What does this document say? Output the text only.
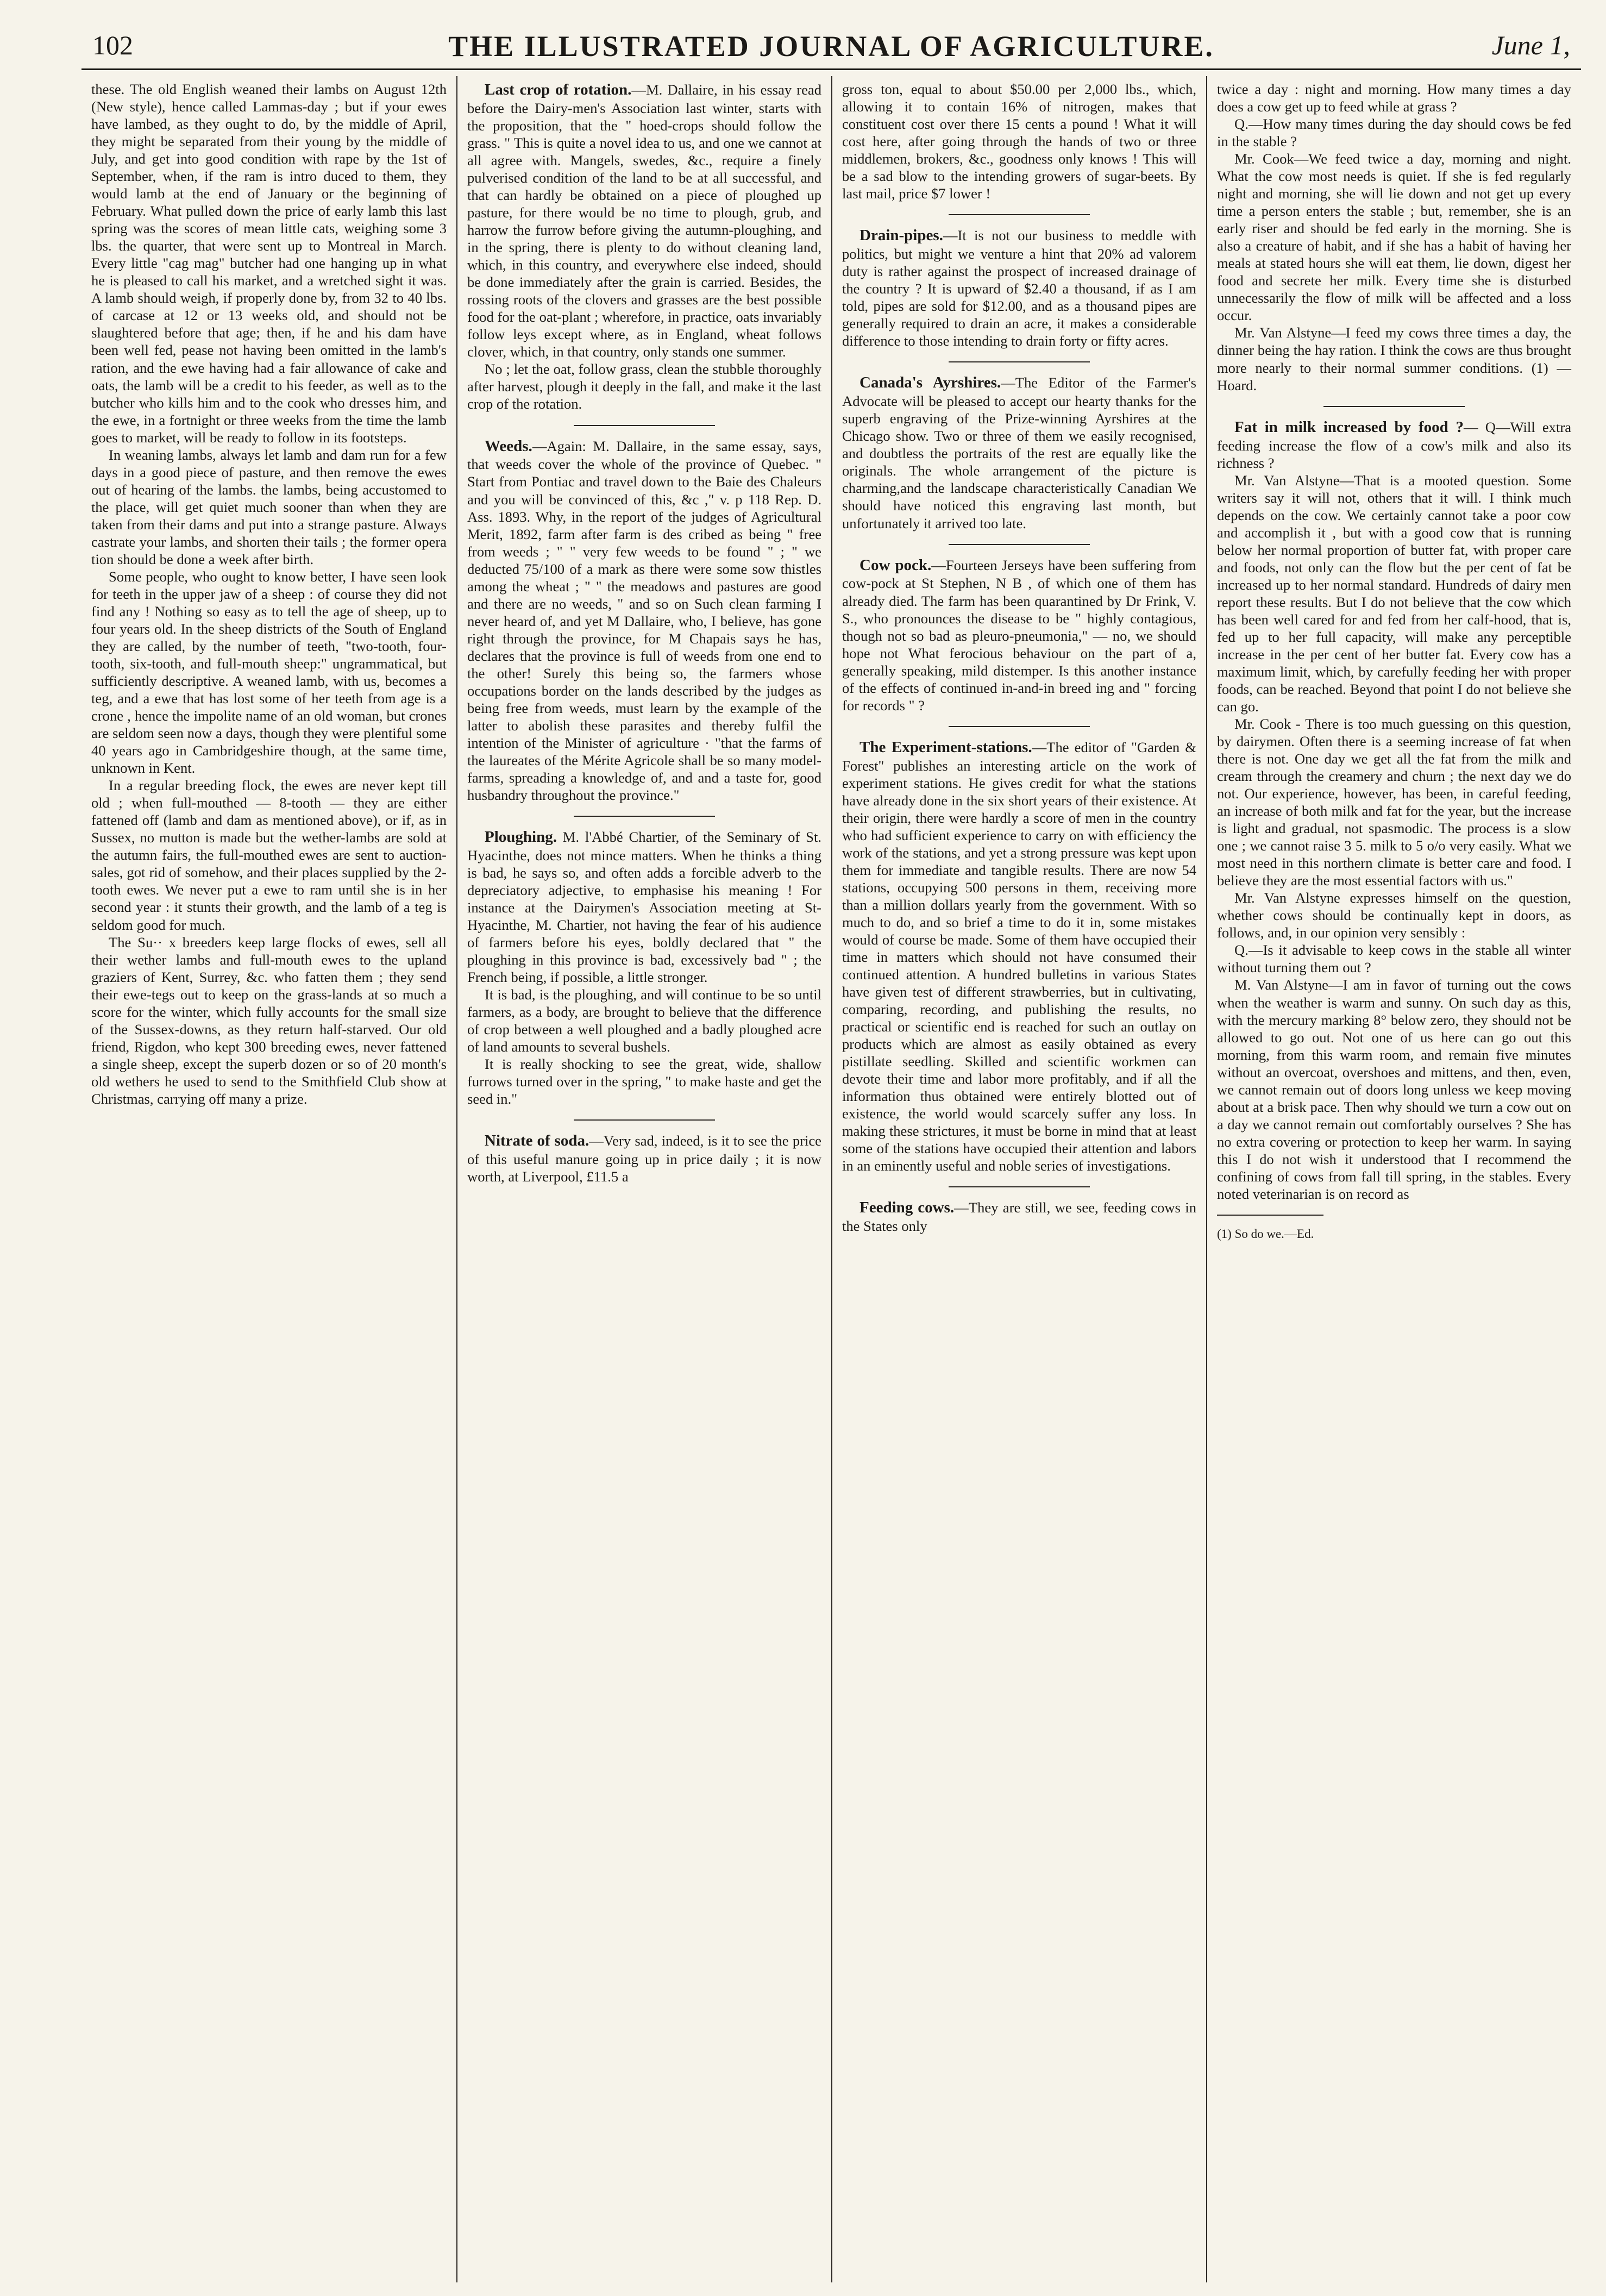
102	THE ILLUSTRATED JOURNAL OF AGRICULTURE.	June 1,

these. The old English weaned their lambs on August 12th (New style), hence called Lammas-day ; but if your ewes have lambed, as they ought to do, by the middle of April, they might be separated from their young by the middle of July, and get into good condition with rape by the 1st of September, when, if the ram is intro duced to them, they would lamb at the end of January or the beginning of February. What pulled down the price of early lamb this last spring was the scores of mean little cats, weighing some 3 lbs. the quarter, that were sent up to Montreal in March. Every little "cag mag" butcher had one hanging up in what he is pleased to call his market, and a wretched sight it was. A lamb should weigh, if properly done by, from 32 to 40 lbs. of carcase at 12 or 13 weeks old, and should not be slaughtered before that age; then, if he and his dam have been well fed, pease not having been omitted in the lamb's ration, and the ewe having had a fair allowance of cake and oats, the lamb will be a credit to his feeder, as well as to the butcher who kills him and to the cook who dresses him, and the ewe, in a fortnight or three weeks from the time the lamb goes to market, will be ready to follow in its footsteps.

In weaning lambs, always let lamb and dam run for a few days in a good piece of pasture, and then remove the ewes out of hearing of the lambs. the lambs, being accustomed to the place, will get quiet much sooner than when they are taken from their dams and put into a strange pasture. Always castrate your lambs, and shorten their tails ; the former opera tion should be done a week after birth.

Some people, who ought to know better, I have seen look for teeth in the upper jaw of a sheep : of course they did not find any ! Nothing so easy as to tell the age of sheep, up to four years old. In the sheep districts of the South of England they are called, by the number of teeth, "two-tooth, four-tooth, six-tooth, and full-mouth sheep:" ungrammatical, but sufficiently descriptive. A weaned lamb, with us, becomes a teg, and a ewe that has lost some of her teeth from age is a crone , hence the impolite name of an old woman, but crones are seldom seen now a days, though they were plentiful some 40 years ago in Cambridgeshire though, at the same time, unknown in Kent.

In a regular breeding flock, the ewes are never kept till old ; when full-mouthed — 8-tooth — they are either fattened off (lamb and dam as mentioned above), or if, as in Sussex, no mutton is made but the wether-lambs are sold at the autumn fairs, the full-mouthed ewes are sent to auction-sales, got rid of somehow, and their places supplied by the 2-tooth ewes. We never put a ewe to ram until she is in her second year : it stunts their growth, and the lamb of a teg is seldom good for much.

The Su·· x breeders keep large flocks of ewes, sell all their wether lambs and full-mouth ewes to the upland graziers of Kent, Surrey, &c. who fatten them ; they send their ewe-tegs out to keep on the grass-lands at so much a score for the winter, which fully accounts for the small size of the Sussex-downs, as they return half-starved. Our old friend, Rigdon, who kept 300 breeding ewes, never fattened a single sheep, except the superb dozen or so of 20 month's old wethers he used to send to the Smithfield Club show at Christmas, carrying off many a prize.

Last crop of rotation.—M. Dallaire, in his essay read before the Dairy-men's Association last winter, starts with the proposition, that the " hoed-crops should follow the grass. " This is quite a novel idea to us, and one we cannot at all agree with. Mangels, swedes, &c., require a finely pulverised condition of the land to be at all successful, and that can hardly be obtained on a piece of ploughed up pasture, for there would be no time to plough, grub, and harrow the furrow before giving the autumn-ploughing, and in the spring, there is plenty to do without cleaning land, which, in this country, and everywhere else indeed, should be done immediately after the grain is carried. Besides, the rossing roots of the clovers and grasses are the best possible food for the oat-plant ; wherefore, in practice, oats invariably follow leys except where, as in England, wheat follows clover, which, in that country, only stands one summer.

No ; let the oat, follow grass, clean the stubble thoroughly after harvest, plough it deeply in the fall, and make it the last crop of the rotation.

Weeds.—Again: M. Dallaire, in the same essay, says, that weeds cover the whole of the province of Quebec. " Start from Pontiac and travel down to the Baie des Chaleurs and you will be convinced of this, &c ," v. p 118 Rep. D. Ass. 1893. Why, in the report of the judges of Agricultural Merit, 1892, farm after farm is des cribed as being " free from weeds ; " " very few weeds to be found " ; " we deducted 75/100 of a mark as there were some sow thistles among the wheat ; " " the meadows and pastures are good and there are no weeds, " and so on Such clean farming I never heard of, and yet M Dallaire, who, I believe, has gone right through the province, for M Chapais says he has, declares that the province is full of weeds from one end to the other! Surely this being so, the farmers whose occupations border on the lands described by the judges as being free from weeds, must learn by the example of the latter to abolish these parasites and thereby fulfil the intention of the Minister of agriculture · "that the farms of the laureates of the Mérite Agricole shall be so many model-farms, spreading a knowledge of, and and a taste for, good husbandry throughout the province."

Ploughing. M. l'Abbé Chartier, of the Seminary of St. Hyacinthe, does not mince matters. When he thinks a thing is bad, he says so, and often adds a forcible adverb to the depreciatory adjective, to emphasise his meaning ! For instance at the Dairymen's Association meeting at St-Hyacinthe, M. Chartier, not having the fear of his audience of farmers before his eyes, boldly declared that " the ploughing in this province is bad, excessively bad " ; the French being, if possible, a little stronger.

It is bad, is the ploughing, and will continue to be so until farmers, as a body, are brought to believe that the difference of crop between a well ploughed and a badly ploughed acre of land amounts to several bushels.

It is really shocking to see the great, wide, shallow furrows turned over in the spring, " to make haste and get the seed in."

Nitrate of soda.—Very sad, indeed, is it to see the price of this useful manure going up in price daily ; it is now worth, at Liverpool, £11.5 a

gross ton, equal to about $50.00 per 2,000 lbs., which, allowing it to contain 16% of nitrogen, makes that constituent cost over there 15 cents a pound ! What it will cost here, after going through the hands of two or three middlemen, brokers, &c., goodness only knows ! This will be a sad blow to the intending growers of sugar-beets. By last mail, price $7 lower !

Drain-pipes.—It is not our business to meddle with politics, but might we venture a hint that 20% ad valorem duty is rather against the prospect of increased drainage of the country ? It is upward of $2.40 a thousand, if as I am told, pipes are sold for $12.00, and as a thousand pipes are generally required to drain an acre, it makes a considerable difference to those intending to drain forty or fifty acres.

Canada's Ayrshires.—The Editor of the Farmer's Advocate will be pleased to accept our hearty thanks for the superb engraving of the Prize-winning Ayrshires at the Chicago show. Two or three of them we easily recognised, and doubtless the portraits of the rest are equally like the originals. The whole arrangement of the picture is charming,and the landscape characteristically Canadian We should have noticed this engraving last month, but unfortunately it arrived too late.

Cow pock.—Fourteen Jerseys have been suffering from cow-pock at St Stephen, N B , of which one of them has already died. The farm has been quarantined by Dr Frink, V. S., who pronounces the disease to be " highly contagious, though not so bad as pleuro-pneumonia," — no, we should hope not What ferocious behaviour on the part of a, generally speaking, mild distemper. Is this another instance of the effects of continued in-and-in breed ing and " forcing for records " ?

The Experiment-stations.—The editor of "Garden & Forest" publishes an interesting article on the work of experiment stations. He gives credit for what the stations have already done in the six short years of their existence. At their origin, there were hardly a score of men in the country who had sufficient experience to carry on with efficiency the work of the stations, and yet a strong pressure was kept upon them for immediate and tangible results. There are now 54 stations, occupying 500 persons in them, receiving more than a million dollars yearly from the government. With so much to do, and so brief a time to do it in, some mistakes would of course be made. Some of them have occupied their time in matters which should not have consumed their continued attention. A hundred bulletins in various States have given test of different strawberries, but in cultivating, comparing, recording, and publishing the results, no practical or scientific end is reached for such an outlay on products which are almost as easily obtained as every pistillate seedling. Skilled and scientific workmen can devote their time and labor more profitably, and if all the information thus obtained were entirely blotted out of existence, the world would scarcely suffer any loss. In making these strictures, it must be borne in mind that at least some of the stations have occupied their attention and labors in an eminently useful and noble series of investigations.

Feeding cows.—They are still, we see, feeding cows in the States only

twice a day : night and morning. How many times a day does a cow get up to feed while at grass ?

Q.—How many times during the day should cows be fed in the stable ?

Mr. Cook—We feed twice a day, morning and night. What the cow most needs is quiet. If she is fed regularly night and morning, she will lie down and not get up every time a person enters the stable ; but, remember, she is an early riser and should be fed early in the morning. She is also a creature of habit, and if she has a habit of having her meals at stated hours she will eat them, lie down, digest her food and secrete her milk. Every time she is disturbed unnecessarily the flow of milk will be affected and a loss occur.

Mr. Van Alstyne—I feed my cows three times a day, the dinner being the hay ration. I think the cows are thus brought more nearly to their normal summer conditions. (1) —Hoard.

Fat in milk increased by food ?— Q—Will extra feeding increase the flow of a cow's milk and also its richness ?

Mr. Van Alstyne—That is a mooted question. Some writers say it will not, others that it will. I think much depends on the cow. We certainly cannot take a poor cow and accomplish it , but with a good cow that is running below her normal proportion of butter fat, with proper care and foods, not only can the flow but the per cent of fat be increased up to her normal standard. Hundreds of dairy men report these results. But I do not believe that the cow which has been well cared for and fed from her calf-hood, that is, fed up to her full capacity, will make any perceptible increase in the per cent of her butter fat. Every cow has a maximum limit, which, by carefully feeding her with proper foods, can be reached. Beyond that point I do not believe she can go.

Mr. Cook - There is too much guessing on this question, by dairymen. Often there is a seeming increase of fat when there is not. One day we get all the fat from the milk and cream through the creamery and churn ; the next day we do not. Our experience, however, has been, in careful feeding, an increase of both milk and fat for the year, but the increase is light and gradual, not spasmodic. The process is a slow one ; we cannot raise 3 5. milk to 5 o/o very easily. What we most need in this northern climate is better care and food. I believe they are the most essential factors with us."

Mr. Van Alstyne expresses himself on the question, whether cows should be continually kept in doors, as follows, and, in our opinion very sensibly :

Q.—Is it advisable to keep cows in the stable all winter without turning them out ?

M. Van Alstyne—I am in favor of turning out the cows when the weather is warm and sunny. On such day as this, with the mercury marking 8° below zero, they should not be allowed to go out. Not one of us here can go out this morning, from this warm room, and remain five minutes without an overcoat, overshoes and mittens, and then, even, we cannot remain out of doors long unless we keep moving about at a brisk pace. Then why should we turn a cow out on a day we cannot remain out comfortably ourselves ? She has no extra covering or protection to keep her warm. In saying this I do not wish it understood that I recommend the confining of cows from fall till spring, in the stables. Every noted veterinarian is on record as

(1) So do we.—Ed.
